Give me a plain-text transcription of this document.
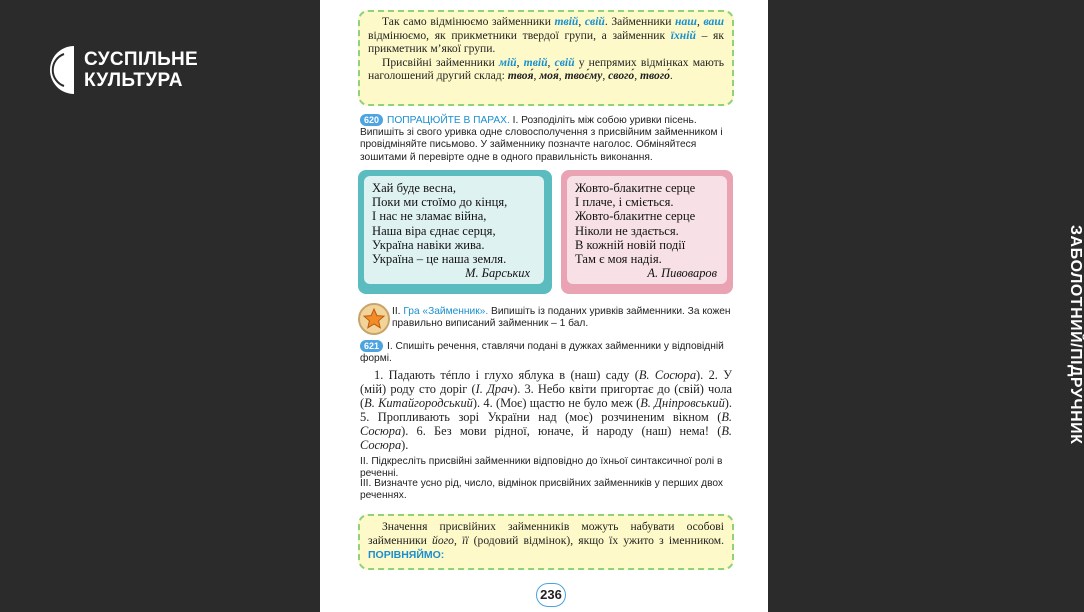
СУСПІЛЬНЕ
КУЛЬТУРА
ЗАБОЛОТНИЙ/ПІДРУЧНИК
Так само відмінюємо займенники твій, свій. Займенники наш, ваш відмінюємо, як прикметники твердої групи, а займенник їхній – як прикметник м’якої групи.
Присвійні займенники мій, твій, свій у непрямих відмінках мають наголошений другий склад: твоя́, моя́, твоє́му, свого́, твого́.
620 ПОПРАЦЮЙТЕ В ПАРАХ. I. Розподіліть між собою уривки пісень. Випишіть зі свого уривка одне словосполучення з присвійним займенником і провідміняйте письмово. У займеннику позначте наголос. Обміняйтеся зошитами й перевірте одне в одного правильність виконання.
Хай буде весна,
Поки ми стоїмо до кінця,
І нас не зламає війна,
Наша віра єднає серця,
Україна навіки жива.
Україна – це наша земля.
М. Барських
Жовто-блакитне серце
І плаче, і сміється.
Жовто-блакитне серце
Ніколи не здається.
В кожній новій події
Там є моя надія.
А. Пивоваров
II. Гра «Займенник». Випишіть із поданих уривків займенники. За кожен правильно виписаний займенник – 1 бал.
621 I. Спишіть речення, ставлячи подані в дужках займенники у відповідній формі.
1. Падають тéпло і глухо яблука в (наш) саду (В. Сосюра). 2. У (мій) роду сто доріг (І. Драч). 3. Небо квіти пригортає до (свій) чола (В. Китайгородський). 4. (Моє) щастю не було меж (В. Дніпровський). 5. Пропливають зорі України над (моє) розчиненим вікном (В. Сосюра). 6. Без мови рідної, юначе, й народу (наш) нема! (В. Сосюра).
II. Підкресліть присвійні займенники відповідно до їхньої синтаксичної ролі в реченні.
III. Визначте усно рід, число, відмінок присвійних займенників у перших двох реченнях.
Значення присвійних займенників можуть набувати особові займенники його, її (родовий відмінок), якщо їх ужито з іменником. ПОРІВНЯЙМО:
236
